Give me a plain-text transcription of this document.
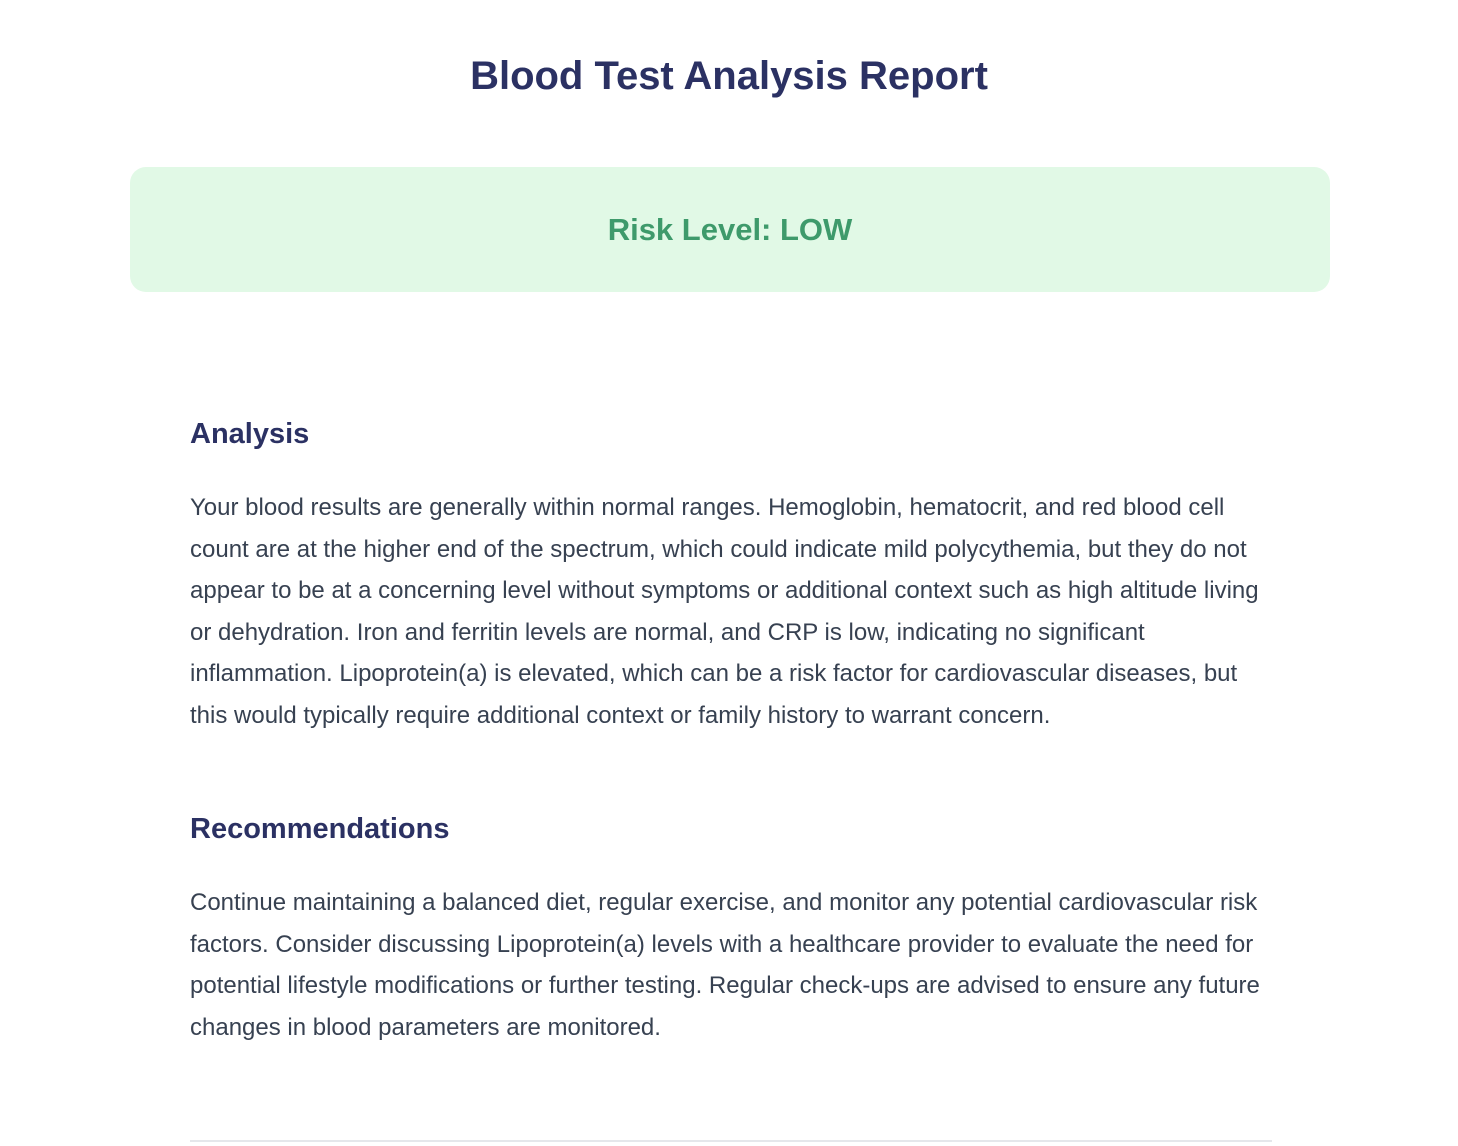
Blood Test Analysis Report
Risk Level: LOW
Analysis

Your blood results are generally within normal ranges. Hemoglobin, hematocrit, and red blood cell count are at the higher end of the spectrum, which could indicate mild polycythemia, but they do not appear to be at a concerning level without symptoms or additional context such as high altitude living or dehydration. Iron and ferritin levels are normal, and CRP is low, indicating no significant inflammation. Lipoprotein(a) is elevated, which can be a risk factor for cardiovascular diseases, but this would typically require additional context or family history to warrant concern.

Recommendations

Continue maintaining a balanced diet, regular exercise, and monitor any potential cardiovascular risk factors. Consider discussing Lipoprotein(a) levels with a healthcare provider to evaluate the need for potential lifestyle modifications or further testing. Regular check-ups are advised to ensure any future changes in blood parameters are monitored.
